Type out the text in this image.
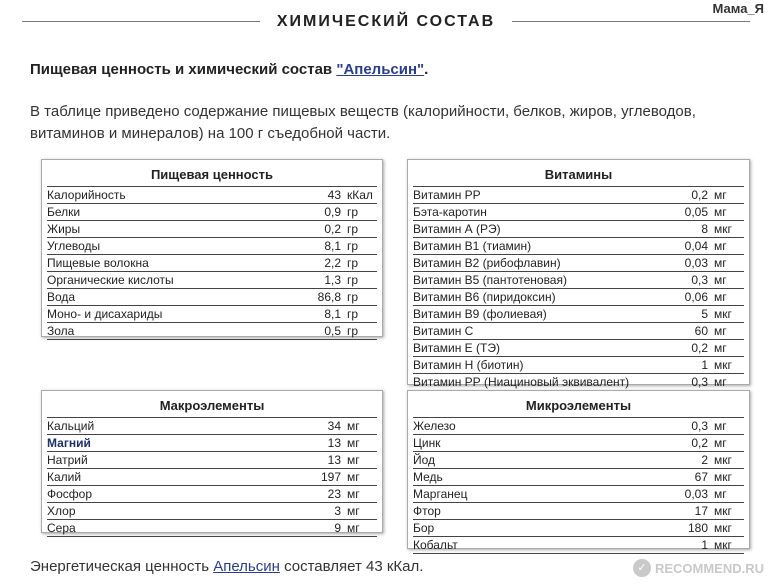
ХИМИЧЕСКИЙ СОСТАВ
Мама_Я
Пищевая ценность и химический состав "Апельсин".
В таблице приведено содержание пищевых веществ (калорийности, белков, жиров, углеводов, витаминов и минералов) на 100 г съедобной части.
Пищевая ценность
Калорийность	43 кКал
Белки	0,9 гр
Жиры	0,2 гр
Углеводы	8,1 гр
Пищевые волокна	2,2 гр
Органические кислоты	1,3 гр
Вода	86,8 гр
Моно- и дисахариды	8,1 гр
Зола	0,5 гр
Витамины
Витамин PP	0,2 мг
Бэта-каротин	0,05 мг
Витамин А (РЭ)	8 мкг
Витамин В1 (тиамин)	0,04 мг
Витамин В2 (рибофлавин)	0,03 мг
Витамин В5 (пантотеновая)	0,3 мг
Витамин В6 (пиридоксин)	0,06 мг
Витамин В9 (фолиевая)	5 мкг
Витамин C	60 мг
Витамин Е (ТЭ)	0,2 мг
Витамин Н (биотин)	1 мкг
Витамин РР (Ниациновый эквивалент)	0,3 мг
Макроэлементы
Кальций	34 мг
Магний	13 мг
Натрий	13 мг
Калий	197 мг
Фосфор	23 мг
Хлор	3 мг
Сера	9 мг
Микроэлементы
Железо	0,3 мг
Цинк	0,2 мг
Йод	2 мкг
Медь	67 мкг
Марганец	0,03 мг
Фтор	17 мкг
Бор	180 мкг
Кобальт	1 мкг
Энергетическая ценность Апельсин составляет 43 кКал.	✓ RECOMMEND.RU
